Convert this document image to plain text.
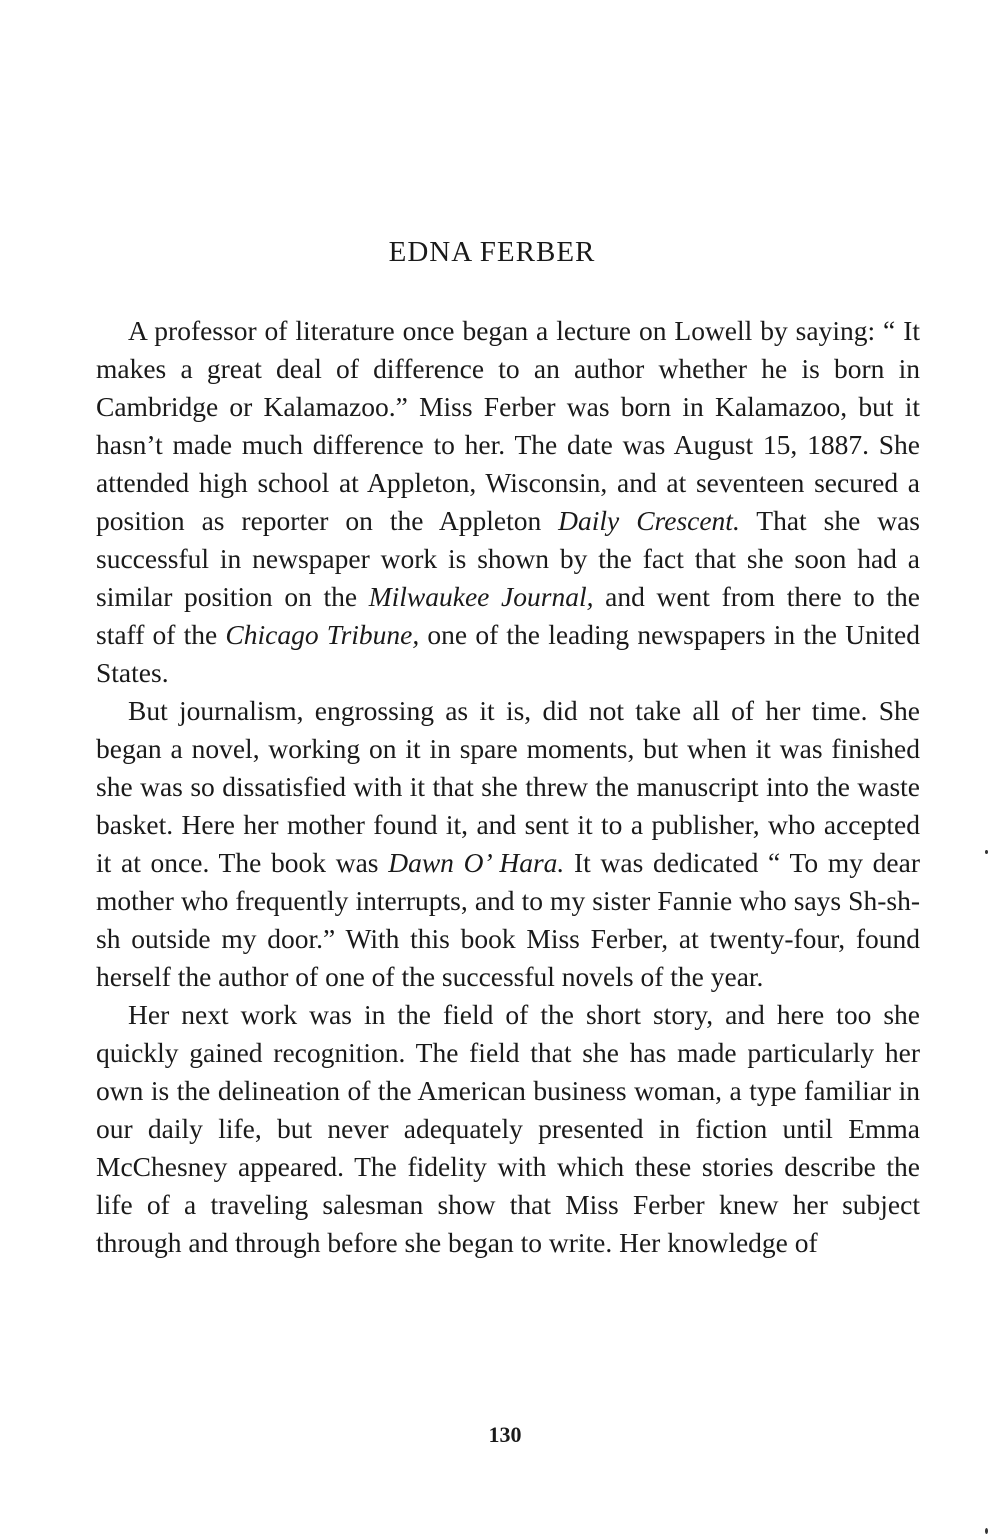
EDNA FERBER

A professor of literature once began a lecture on Lowell by saying: “ It makes a great deal of difference to an author whether he is born in Cambridge or Kalamazoo.” Miss Ferber was born in Kalamazoo, but it hasn’t made much difference to her. The date was August 15, 1887. She attended high school at Appleton, Wisconsin, and at seventeen secured a position as reporter on the Appleton Daily Crescent. That she was successful in newspaper work is shown by the fact that she soon had a similar position on the Milwaukee Journal, and went from there to the staff of the Chicago Tribune, one of the leading newspapers in the United States.

But journalism, engrossing as it is, did not take all of her time. She began a novel, working on it in spare moments, but when it was finished she was so dissatisfied with it that she threw the manuscript into the waste basket. Here her mother found it, and sent it to a publisher, who accepted it at once. The book was Dawn O’ Hara. It was dedicated “ To my dear mother who frequently interrupts, and to my sister Fannie who says Sh-sh-sh outside my door.” With this book Miss Ferber, at twenty-four, found herself the author of one of the successful novels of the year.

Her next work was in the field of the short story, and here too she quickly gained recognition. The field that she has made particularly her own is the delineation of the American business woman, a type familiar in our daily life, but never adequately presented in fiction until Emma McChesney appeared. The fidelity with which these stories describe the life of a traveling salesman show that Miss Ferber knew her subject through and through before she began to write. Her knowledge of

130
